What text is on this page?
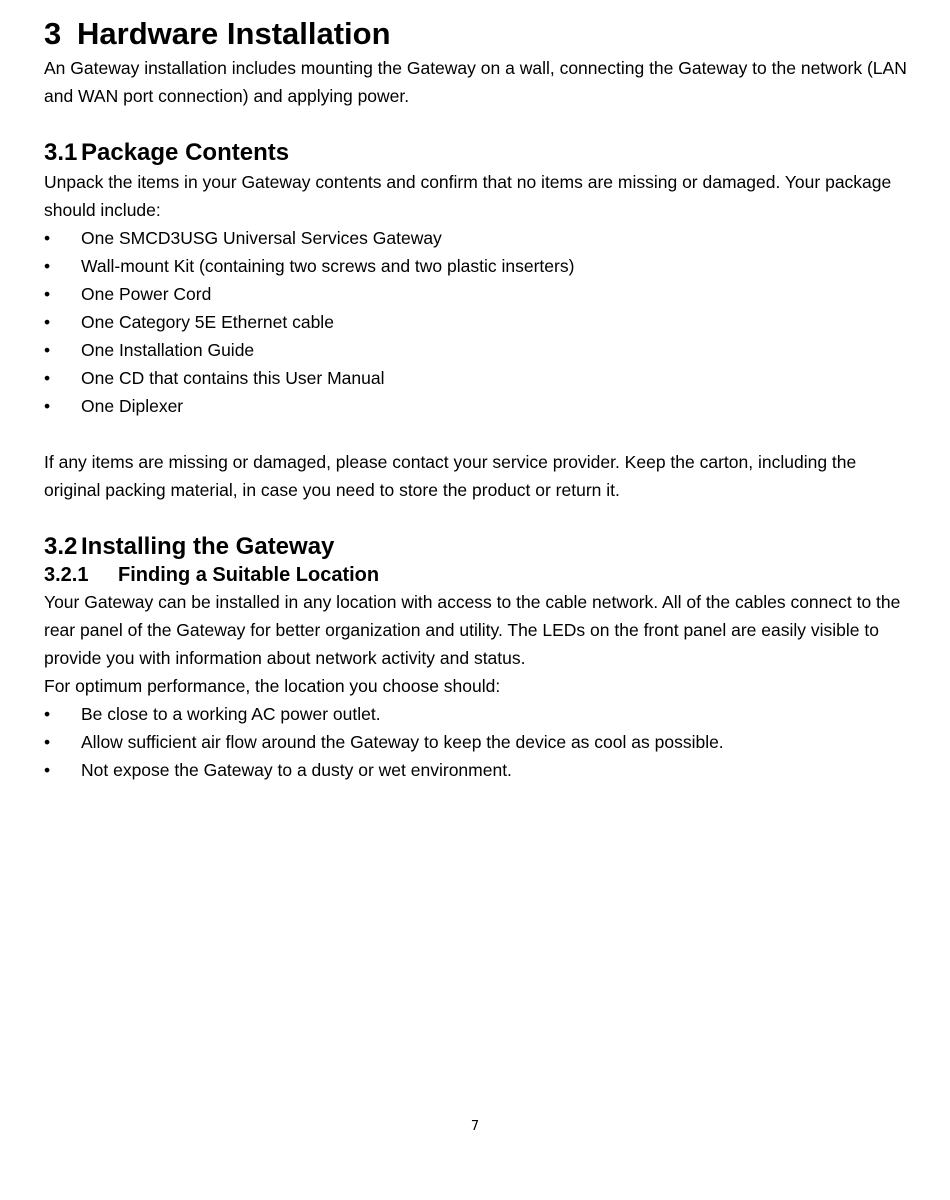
3 Hardware Installation

An Gateway installation includes mounting the Gateway on a wall, connecting the Gateway to the network (LAN and WAN port connection) and applying power.

3.1 Package Contents

Unpack the items in your Gateway contents and confirm that no items are missing or damaged. Your package should include:

•	One SMCD3USG Universal Services Gateway
•	Wall-mount Kit (containing two screws and two plastic inserters)
•	One Power Cord
•	One Category 5E Ethernet cable
•	One Installation Guide
•	One CD that contains this User Manual
•	One Diplexer

If any items are missing or damaged, please contact your service provider. Keep the carton, including the original packing material, in case you need to store the product or return it.

3.2 Installing the Gateway
3.2.1	Finding a Suitable Location

Your Gateway can be installed in any location with access to the cable network. All of the cables connect to the rear panel of the Gateway for better organization and utility. The LEDs on the front panel are easily visible to provide you with information about network activity and status.

For optimum performance, the location you choose should:

•	Be close to a working AC power outlet.
•	Allow sufficient air flow around the Gateway to keep the device as cool as possible.
•	Not expose the Gateway to a dusty or wet environment.
7
